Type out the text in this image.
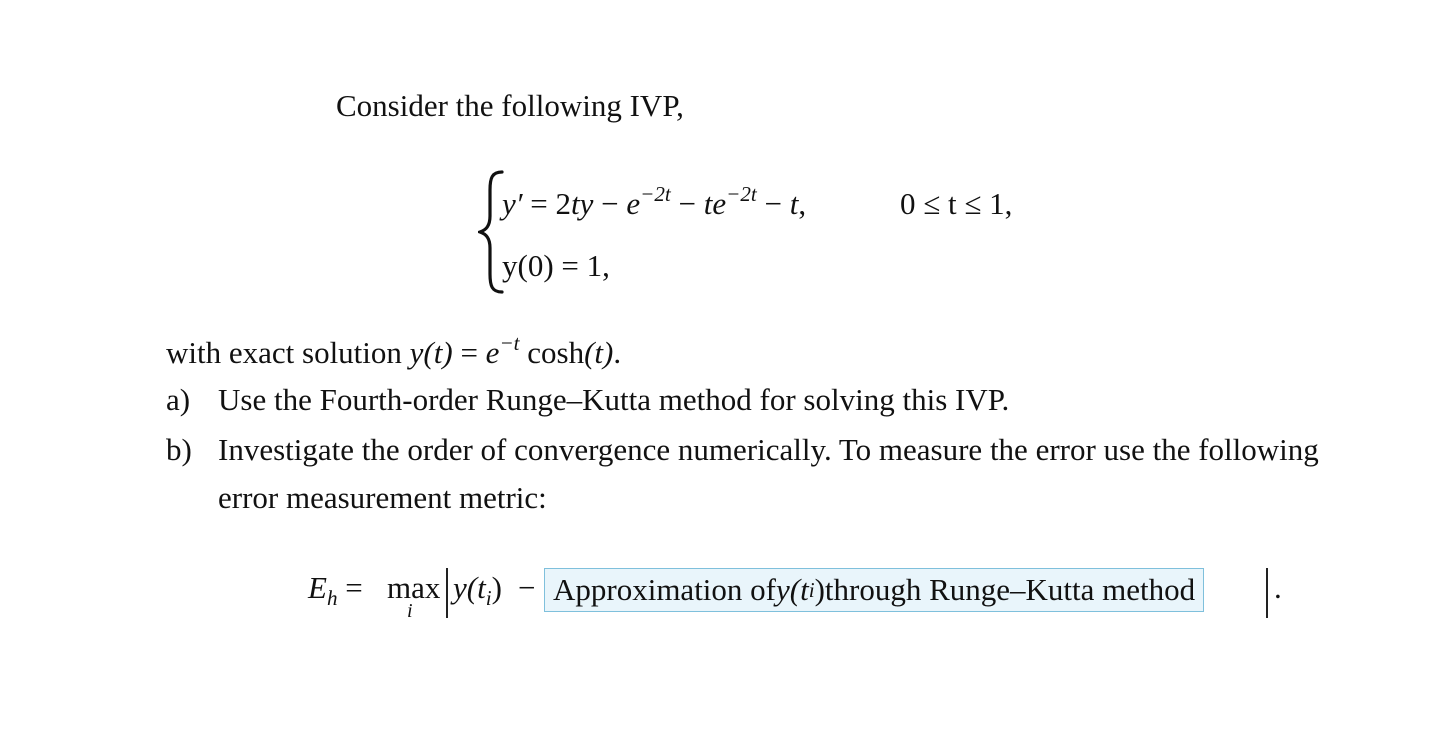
Consider the following IVP,
$y' = 2ty - e^{-2t} - te^{-2t} - t$,	0 ≤ t ≤ 1,
y(0) = 1,
with exact solution $y(t) = e^{-t}$ cosh(t).
a) Use the Fourth-order Runge–Kutta method for solving this IVP.
b) Investigate the order of convergence numerically. To measure the error use the following
error measurement metric:
$E_h = \max$
i
$y(t_i)$ − Approximation of y(t i ) through Runge–Kutta method	.
